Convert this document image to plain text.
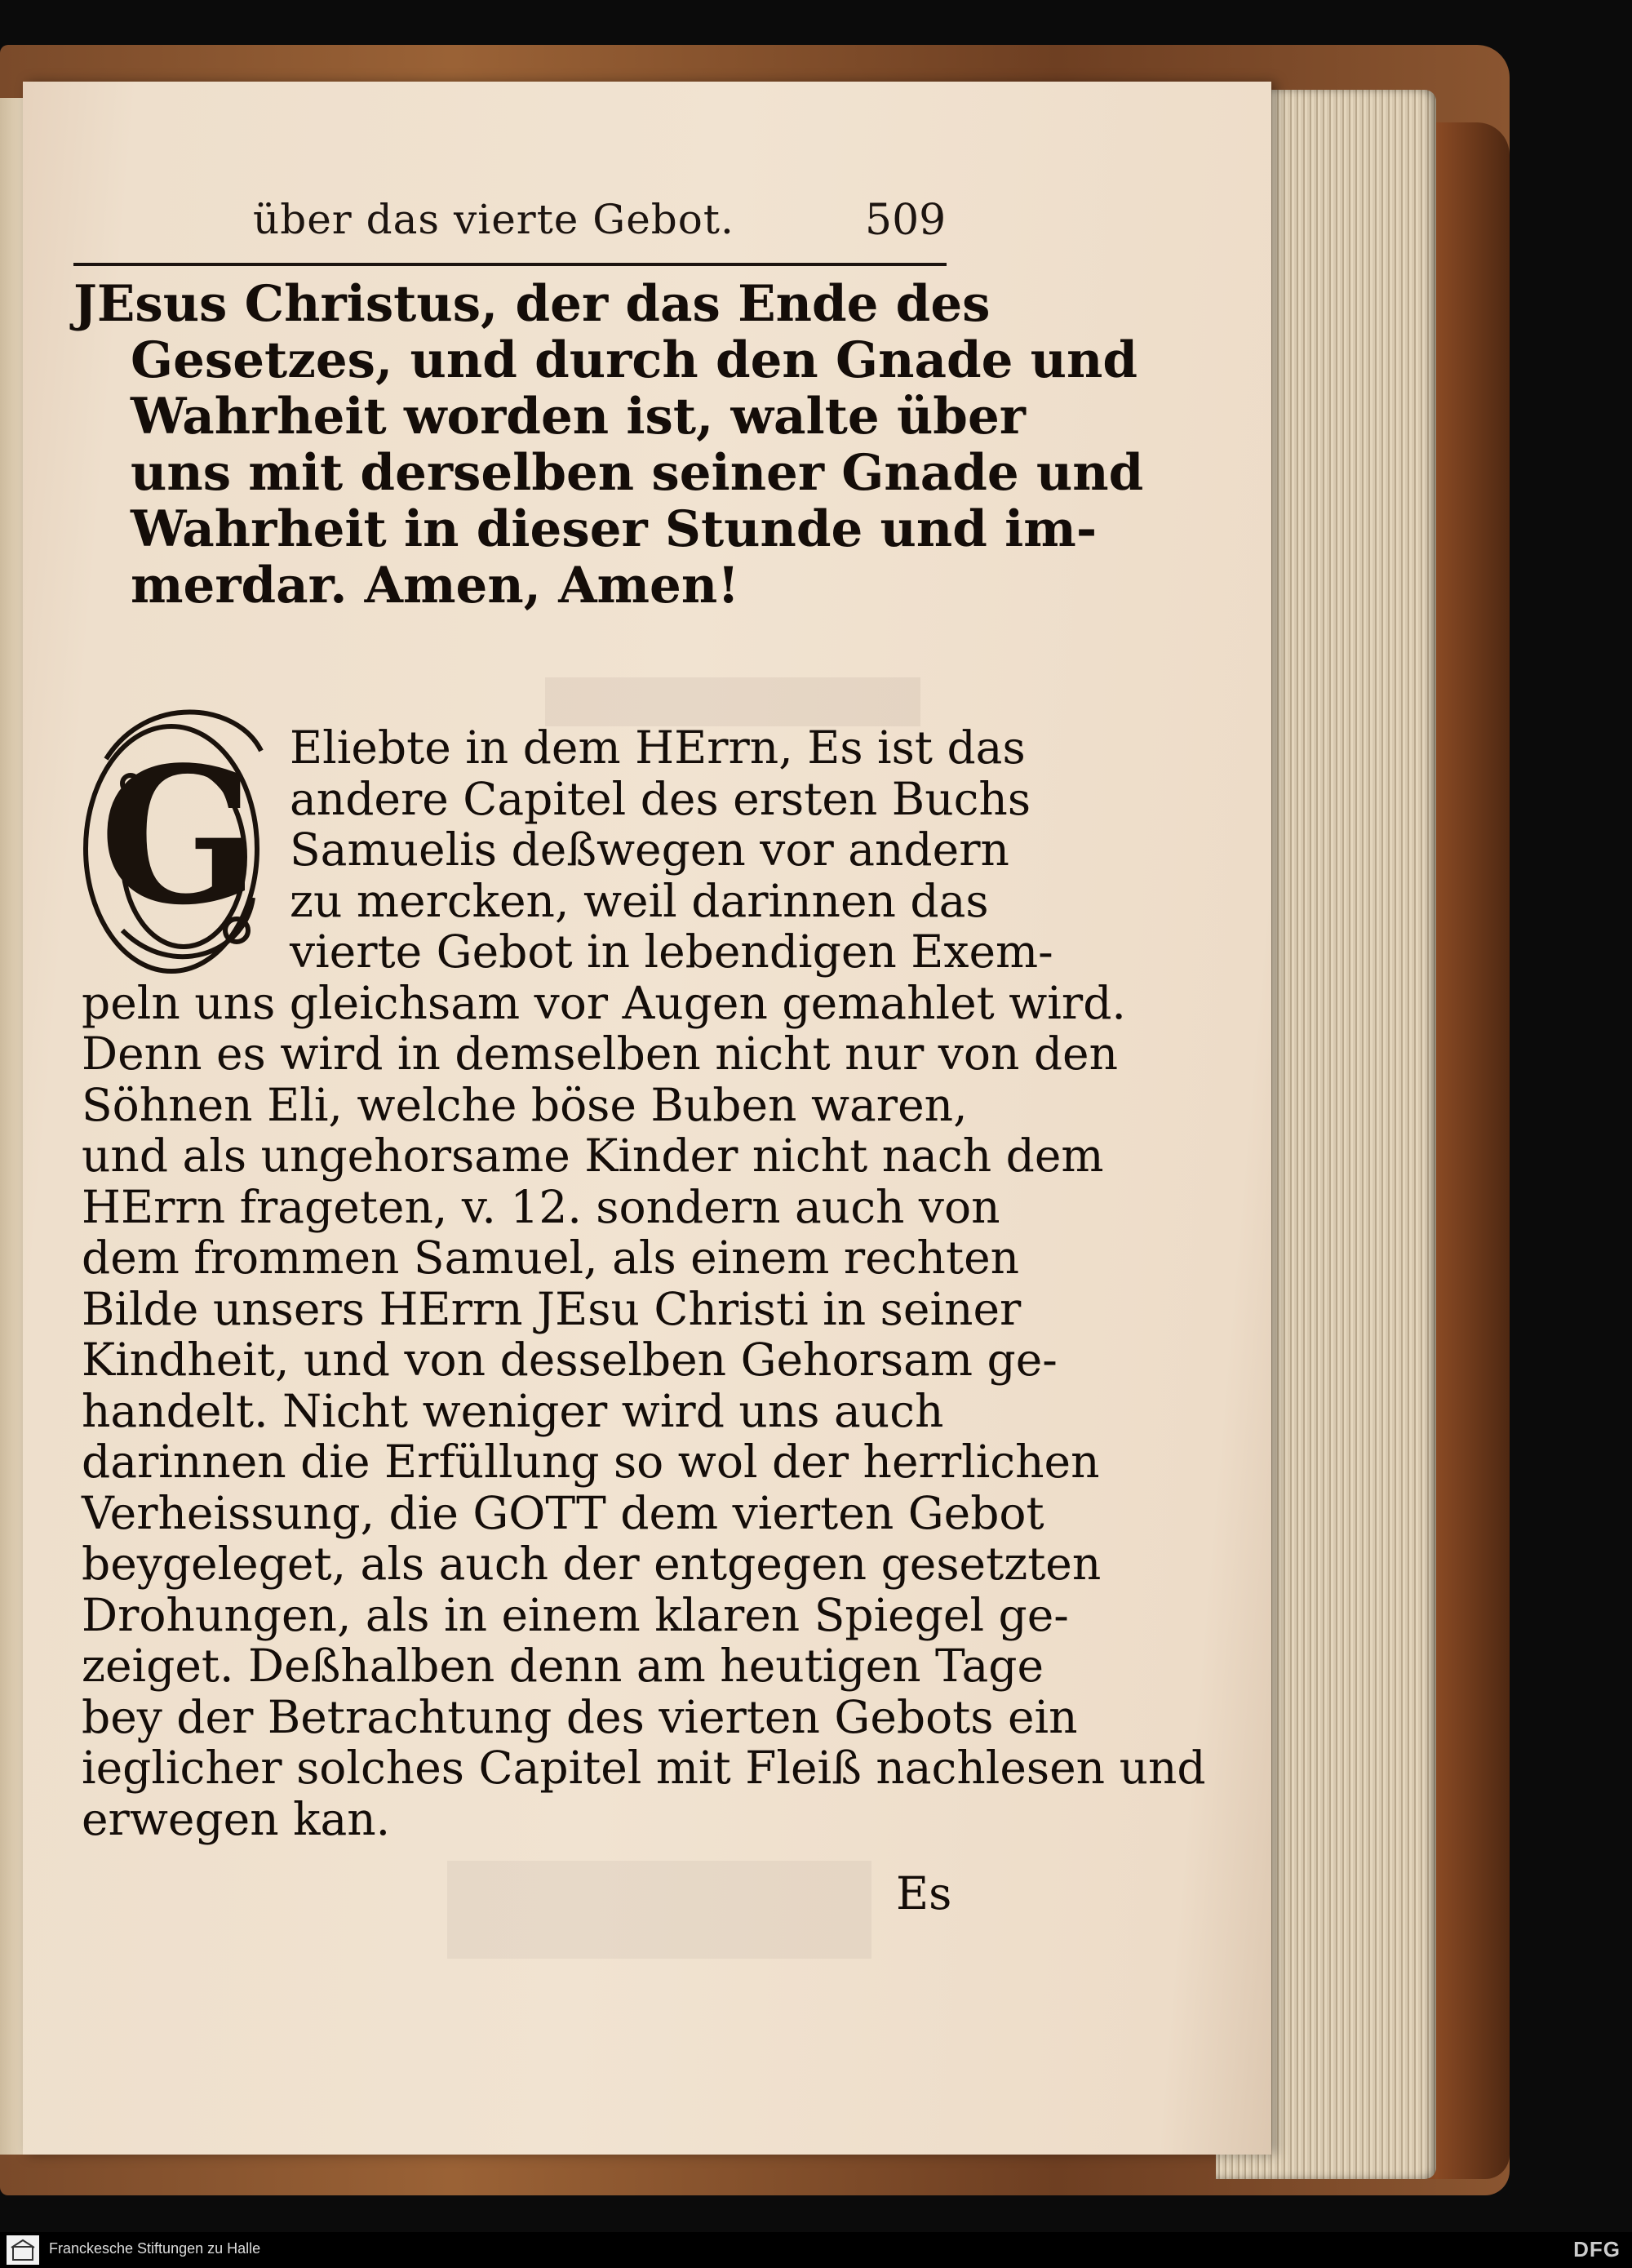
über das vierte Gebot.	509
JEsus Christus, der das Ende des
Gesetzes, und durch den Gnade und
Wahrheit worden ist, walte über
uns mit derselben seiner Gnade und
Wahrheit in dieser Stunde und im-
merdar. Amen, Amen!
G Eliebte in dem HErrn, Es ist das
andere Capitel des ersten Buchs
Samuelis deßwegen vor andern
zu mercken, weil darinnen das
vierte Gebot in lebendigen Exem-
peln uns gleichsam vor Augen gemahlet wird.
Denn es wird in demselben nicht nur von den
Söhnen Eli, welche böse Buben waren,
und als ungehorsame Kinder nicht nach dem
HErrn frageten, v. 12. sondern auch von
dem frommen Samuel, als einem rechten
Bilde unsers HErrn JEsu Christi in seiner
Kindheit, und von desselben Gehorsam ge-
handelt. Nicht weniger wird uns auch
darinnen die Erfüllung so wol der herrlichen
Verheissung, die GOTT dem vierten Gebot
beygeleget, als auch der entgegen gesetzten
Drohungen, als in einem klaren Spiegel ge-
zeiget. Deßhalben denn am heutigen Tage
bey der Betrachtung des vierten Gebots ein
ieglicher solches Capitel mit Fleiß nachlesen und
erwegen kan.
Es
Franckesche Stiftungen zu Halle	DFG
